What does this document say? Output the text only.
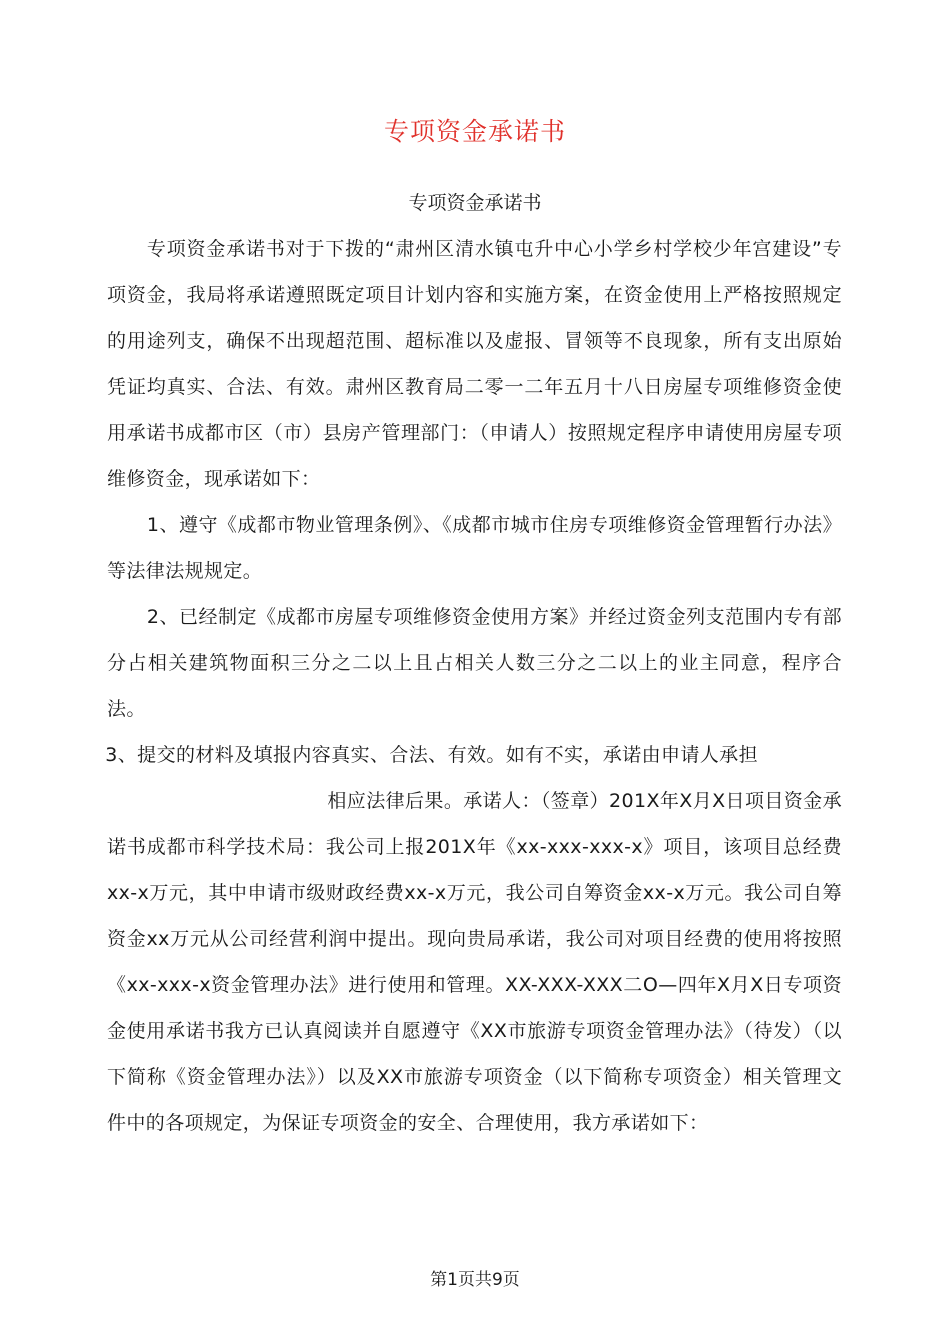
专项资金承诺书
专项资金承诺书

专项资金承诺书对于下拨的“肃州区清水镇屯升中心小学乡村学校少年宫建设”专项资金，我局将承诺遵照既定项目计划内容和实施方案，在资金使用上严格按照规定的用途列支，确保不出现超范围、超标准以及虚报、冒领等不良现象，所有支出原始凭证均真实、合法、有效。肃州区教育局二零一二年五月十八日房屋专项维修资金使用承诺书成都市区（市）县房产管理部门：（申请人）按照规定程序申请使用房屋专项维修资金，现承诺如下：

1、遵守《成都市物业管理条例》、《成都市城市住房专项维修资金管理暂行办法》等法律法规规定。

2、已经制定《成都市房屋专项维修资金使用方案》并经过资金列支范围内专有部分占相关建筑物面积三分之二以上且占相关人数三分之二以上的业主同意，程序合法。

3、提交的材料及填报内容真实、合法、有效。如有不实，承诺由申请人承担

相应法律后果。承诺人：（签章）201X年X月X日项目资金承诺书成都市科学技术局：我公司上报201X年《xx-xxx-xxx-x》项目，该项目总经费xx-x万元，其中申请市级财政经费xx-x万元，我公司自筹资金xx-x万元。我公司自筹资金xx万元从公司经营利润中提出。现向贵局承诺，我公司对项目经费的使用将按照《xx-xxx-x资金管理办法》进行使用和管理。XX-XXX-XXX二O—四年X月X日专项资金使用承诺书我方已认真阅读并自愿遵守《XX市旅游专项资金管理办法》（待发）（以下简称《资金管理办法》）以及XX市旅游专项资金（以下简称专项资金）相关管理文件中的各项规定，为保证专项资金的安全、合理使用，我方承诺如下：

第1页共9页
